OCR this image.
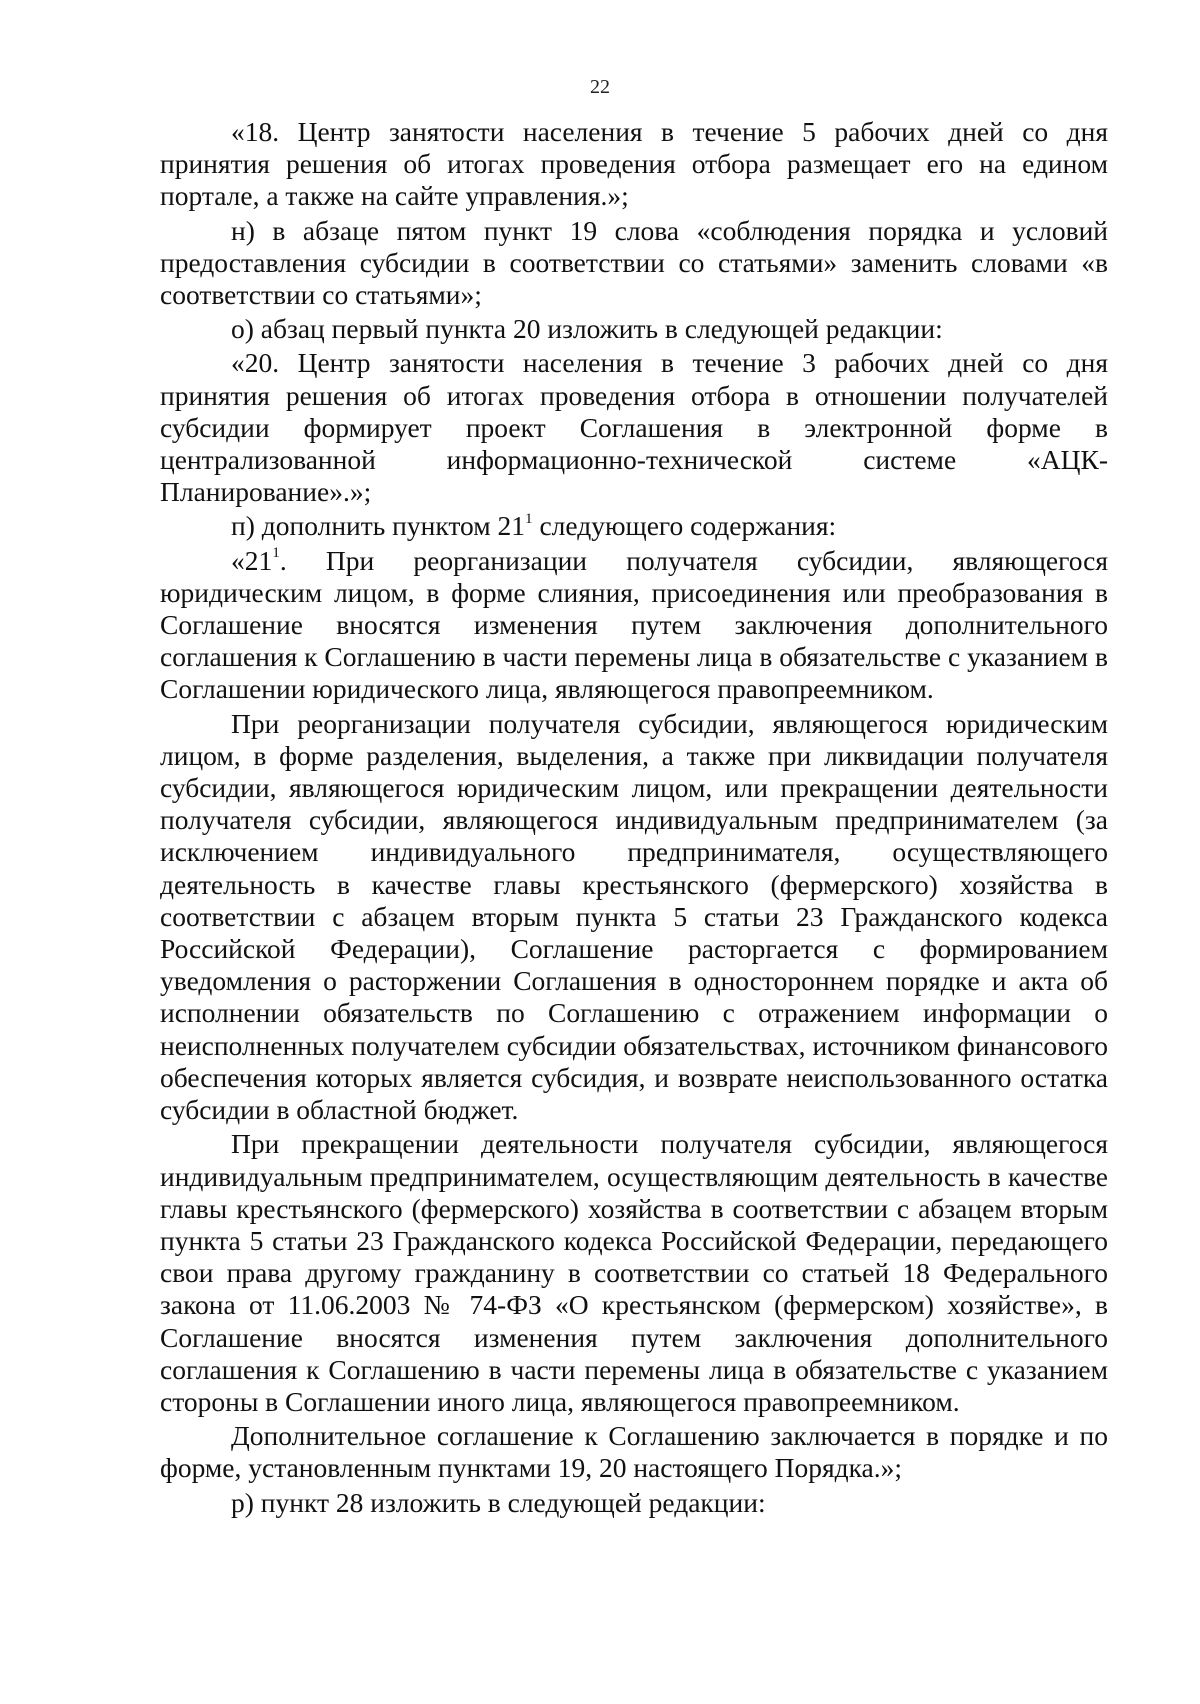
22

«18. Центр занятости населения в течение 5 рабочих дней со дня принятия решения об итогах проведения отбора размещает его на едином портале, а также на сайте управления.»;

н) в абзаце пятом пункт 19 слова «соблюдения порядка и условий предоставления субсидии в соответствии со статьями» заменить словами «в соответствии со статьями»;

о) абзац первый пункта 20 изложить в следующей редакции:

«20. Центр занятости населения в течение 3 рабочих дней со дня принятия решения об итогах проведения отбора в отношении получателей субсидии формирует проект Соглашения в электронной форме в централизованной информационно-технической системе «АЦК-Планирование».»;

п) дополнить пунктом $21^1$ следующего содержания:

«$21^1$. При реорганизации получателя субсидии, являющегося юридическим лицом, в форме слияния, присоединения или преобразования в Соглашение вносятся изменения путем заключения дополнительного соглашения к Соглашению в части перемены лица в обязательстве с указанием в Соглашении юридического лица, являющегося правопреемником.

При реорганизации получателя субсидии, являющегося юридическим лицом, в форме разделения, выделения, а также при ликвидации получателя субсидии, являющегося юридическим лицом, или прекращении деятельности получателя субсидии, являющегося индивидуальным предпринимателем (за исключением индивидуального предпринимателя, осуществляющего деятельность в качестве главы крестьянского (фермерского) хозяйства в соответствии с абзацем вторым пункта 5 статьи 23 Гражданского кодекса Российской Федерации), Соглашение расторгается с формированием уведомления о расторжении Соглашения в одностороннем порядке и акта об исполнении обязательств по Соглашению с отражением информации о неисполненных получателем субсидии обязательствах, источником финансового обеспечения которых является субсидия, и возврате неиспользованного остатка субсидии в областной бюджет.

При прекращении деятельности получателя субсидии, являющегося индивидуальным предпринимателем, осуществляющим деятельность в качестве главы крестьянского (фермерского) хозяйства в соответствии с абзацем вторым пункта 5 статьи 23 Гражданского кодекса Российской Федерации, передающего свои права другому гражданину в соответствии со статьей 18 Федерального закона от 11.06.2003 № 74-ФЗ «О крестьянском (фермерском) хозяйстве», в Соглашение вносятся изменения путем заключения дополнительного соглашения к Соглашению в части перемены лица в обязательстве с указанием стороны в Соглашении иного лица, являющегося правопреемником.

Дополнительное соглашение к Соглашению заключается в порядке и по форме, установленным пунктами 19, 20 настоящего Порядка.»;

р) пункт 28 изложить в следующей редакции:
